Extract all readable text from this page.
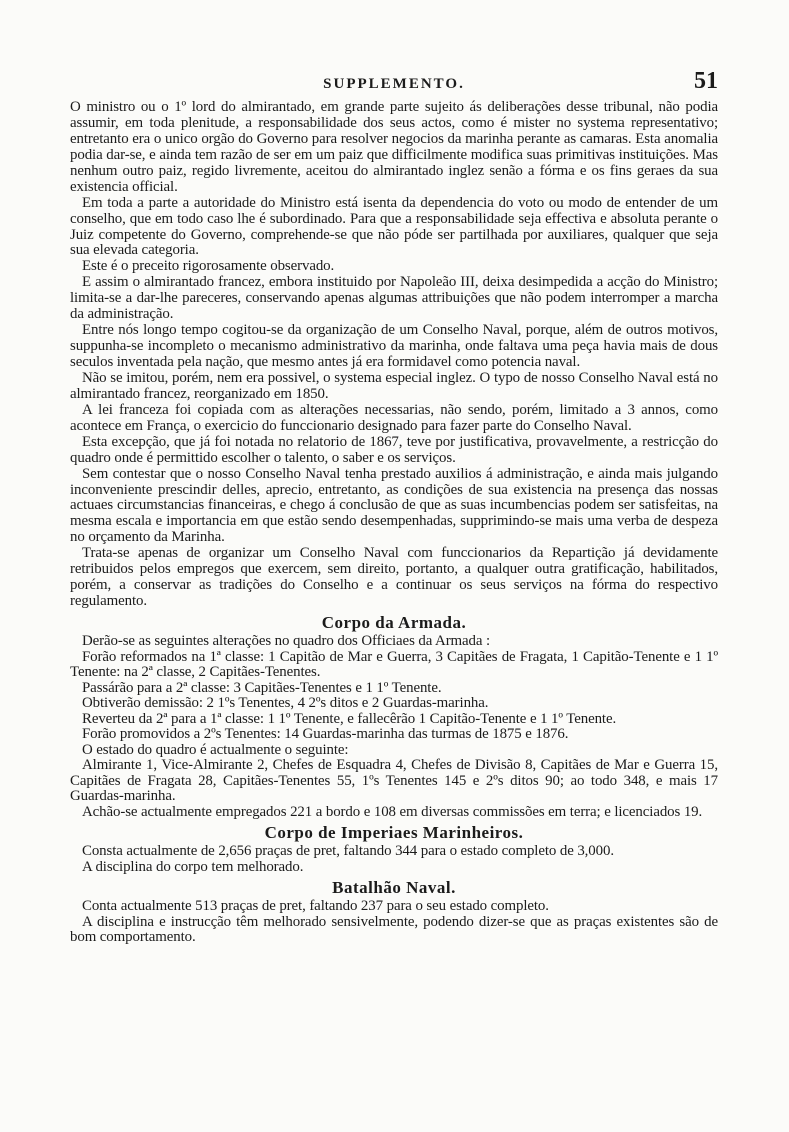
SUPPLEMENTO.	51

O ministro ou o 1º lord do almirantado, em grande parte sujeito ás deliberações desse tribunal, não podia assumir, em toda plenitude, a responsabilidade dos seus actos, como é mister no systema representativo; entretanto era o unico orgão do Governo para resolver negocios da marinha perante as camaras. Esta anomalia podia dar-se, e ainda tem razão de ser em um paiz que difficilmente modifica suas primitivas instituições. Mas nenhum outro paiz, regido livremente, aceitou do almirantado inglez senão a fórma e os fins geraes da sua existencia official.

Em toda a parte a autoridade do Ministro está isenta da dependencia do voto ou modo de entender de um conselho, que em todo caso lhe é subordinado. Para que a responsabilidade seja effectiva e absoluta perante o Juiz competente do Governo, comprehende-se que não póde ser partilhada por auxiliares, qualquer que seja sua elevada categoria.

Este é o preceito rigorosamente observado.

E assim o almirantado francez, embora instituido por Napoleão III, deixa desimpedida a acção do Ministro; limita-se a dar-lhe pareceres, conservando apenas algumas attribuições que não podem interromper a marcha da administração.

Entre nós longo tempo cogitou-se da organização de um Conselho Naval, porque, além de outros motivos, suppunha-se incompleto o mecanismo administrativo da marinha, onde faltava uma peça havia mais de dous seculos inventada pela nação, que mesmo antes já era formidavel como potencia naval.

Não se imitou, porém, nem era possivel, o systema especial inglez. O typo de nosso Conselho Naval está no almirantado francez, reorganizado em 1850.

A lei franceza foi copiada com as alterações necessarias, não sendo, porém, limitado a 3 annos, como acontece em França, o exercicio do funccionario designado para fazer parte do Conselho Naval.

Esta excepção, que já foi notada no relatorio de 1867, teve por justificativa, provavelmente, a restricção do quadro onde é permittido escolher o talento, o saber e os serviços.

Sem contestar que o nosso Conselho Naval tenha prestado auxilios á administração, e ainda mais julgando inconveniente prescindir delles, aprecio, entretanto, as condições de sua existencia na presença das nossas actuaes circumstancias financeiras, e chego á conclusão de que as suas incumbencias podem ser satisfeitas, na mesma escala e importancia em que estão sendo desempenhadas, supprimindo-se mais uma verba de despeza no orçamento da Marinha.

Trata-se apenas de organizar um Conselho Naval com funccionarios da Repartição já devidamente retribuidos pelos empregos que exercem, sem direito, portanto, a qualquer outra gratificação, habilitados, porém, a conservar as tradições do Conselho e a continuar os seus serviços na fórma do respectivo regulamento.

Corpo da Armada.

Derão-se as seguintes alterações no quadro dos Officiaes da Armada :

Forão reformados na 1ª classe: 1 Capitão de Mar e Guerra, 3 Capitães de Fragata, 1 Capitão-Tenente e 1 1º Tenente: na 2ª classe, 2 Capitães-Tenentes.

Passárão para a 2ª classe: 3 Capitães-Tenentes e 1 1º Tenente.

Obtiverão demissão: 2 1ºs Tenentes, 4 2ºs ditos e 2 Guardas-marinha.

Reverteu da 2ª para a 1ª classe: 1 1º Tenente, e fallecêrão 1 Capitão-Tenente e 1 1º Tenente.

Forão promovidos a 2ºs Tenentes: 14 Guardas-marinha das turmas de 1875 e 1876.

O estado do quadro é actualmente o seguinte:

Almirante 1, Vice-Almirante 2, Chefes de Esquadra 4, Chefes de Divisão 8, Capitães de Mar e Guerra 15, Capitães de Fragata 28, Capitães-Tenentes 55, 1ºs Tenentes 145 e 2ºs ditos 90; ao todo 348, e mais 17 Guardas-marinha.

Achão-se actualmente empregados 221 a bordo e 108 em diversas commissões em terra; e licenciados 19.

Corpo de Imperiaes Marinheiros.

Consta actualmente de 2,656 praças de pret, faltando 344 para o estado completo de 3,000.

A disciplina do corpo tem melhorado.

Batalhão Naval.

Conta actualmente 513 praças de pret, faltando 237 para o seu estado completo.

A disciplina e instrucção têm melhorado sensivelmente, podendo dizer-se que as praças existentes são de bom comportamento.
